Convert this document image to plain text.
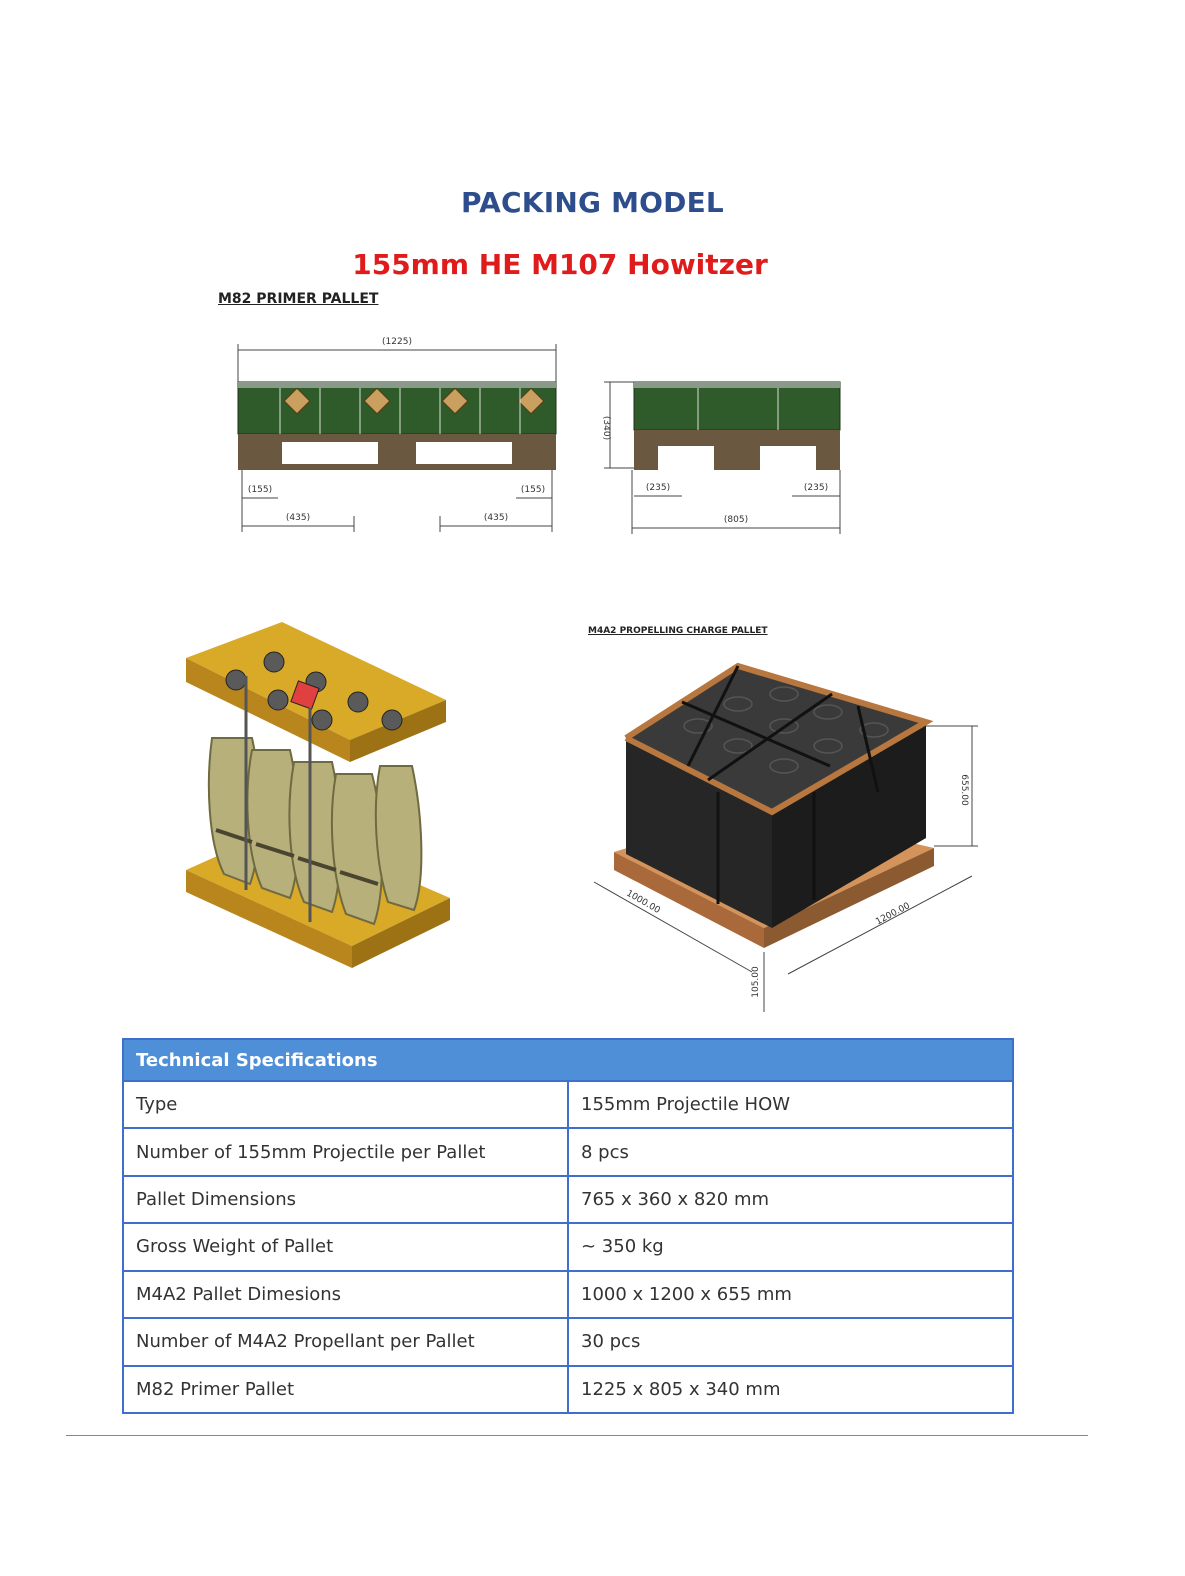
PACKING MODEL
155mm HE M107 Howitzer
M82 PRIMER PALLET
(1225)
(155)	(155)
(435)	(435)
(340)
(235)	(235)
(805)
M4A2 PROPELLING CHARGE PALLET
655.00
1000.00	1200.00
105.00
Technical Specifications	
Type	155mm Projectile HOW
Number of 155mm Projectile per Pallet	8 pcs
Pallet Dimensions	765 x 360 x 820 mm
Gross Weight of Pallet	~ 350 kg
M4A2 Pallet Dimesions	1000 x 1200 x 655 mm
Number of M4A2 Propellant per Pallet	30 pcs
M82 Primer Pallet	1225 x 805 x 340 mm
